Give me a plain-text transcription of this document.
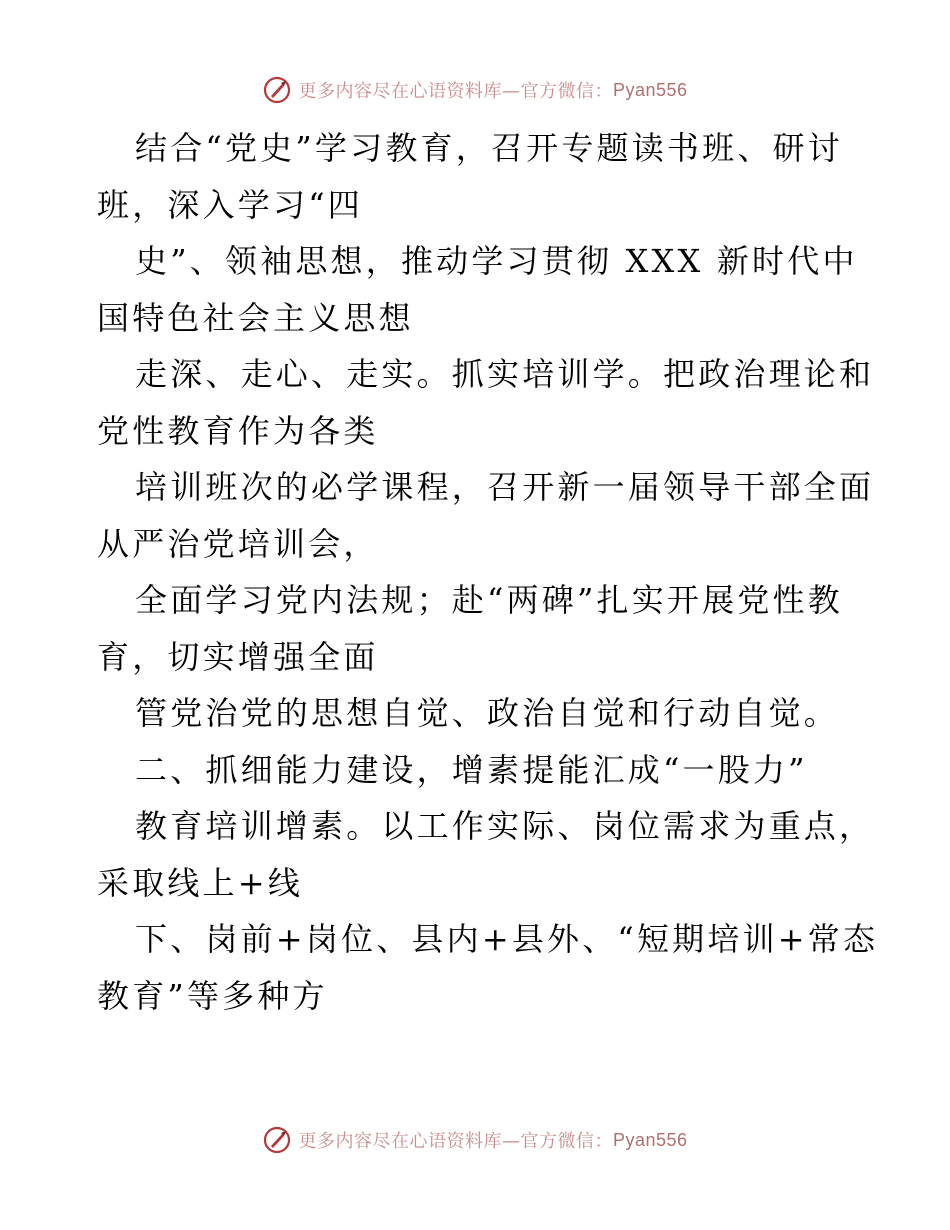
更多内容尽在心语资料库—官方微信： Pyan556
结合“党史”学习教育，召开专题读书班、研讨
班，深入学习“四
史”、领袖思想，推动学习贯彻 XXX 新时代中
国特色社会主义思想
走深、走心、走实。抓实培训学。把政治理论和
党性教育作为各类
培训班次的必学课程，召开新一届领导干部全面
从严治党培训会，
全面学习党内法规；赴“两碑”扎实开展党性教
育，切实增强全面
管党治党的思想自觉、政治自觉和行动自觉。
二、抓细能力建设，增素提能汇成“一股力”
教育培训增素。以工作实际、岗位需求为重点，
采取线上+线
下、岗前+岗位、县内+县外、“短期培训+常态
教育”等多种方
更多内容尽在心语资料库—官方微信： Pyan556
